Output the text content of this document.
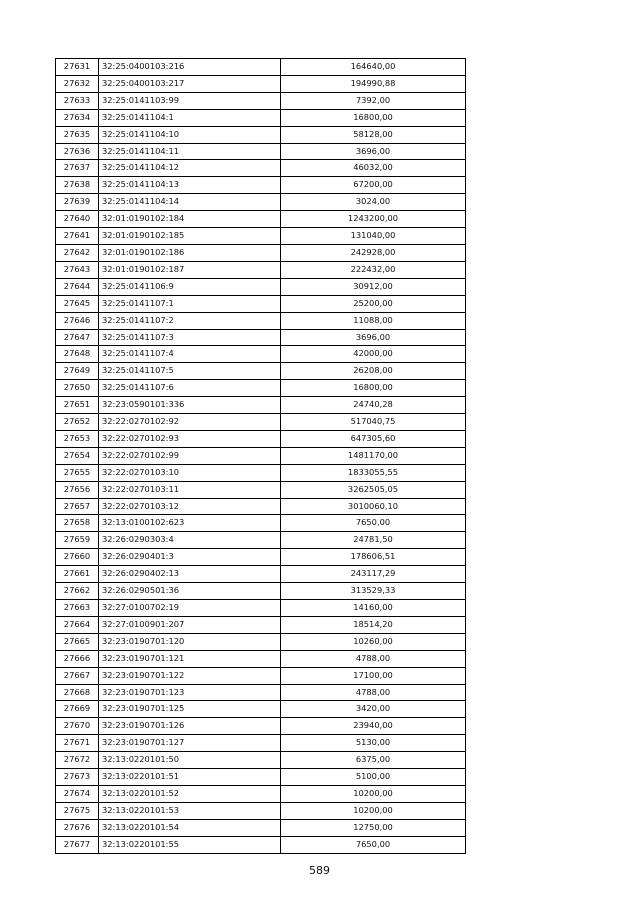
27631	32:25:0400103:216	164640,00
27632	32:25:0400103:217	194990,88
27633	32:25:0141103:99	7392,00
27634	32:25:0141104:1	16800,00
27635	32:25:0141104:10	58128,00
27636	32:25:0141104:11	3696,00
27637	32:25:0141104:12	46032,00
27638	32:25:0141104:13	67200,00
27639	32:25:0141104:14	3024,00
27640	32:01:0190102:184	1243200,00
27641	32:01:0190102:185	131040,00
27642	32:01:0190102:186	242928,00
27643	32:01:0190102:187	222432,00
27644	32:25:0141106:9	30912,00
27645	32:25:0141107:1	25200,00
27646	32:25:0141107:2	11088,00
27647	32:25:0141107:3	3696,00
27648	32:25:0141107:4	42000,00
27649	32:25:0141107:5	26208,00
27650	32:25:0141107:6	16800,00
27651	32:23:0590101:336	24740,28
27652	32:22:0270102:92	517040,75
27653	32:22:0270102:93	647305,60
27654	32:22:0270102:99	1481170,00
27655	32:22:0270103:10	1833055,55
27656	32:22:0270103:11	3262505,05
27657	32:22:0270103:12	3010060,10
27658	32:13:0100102:623	7650,00
27659	32:26:0290303:4	24781,50
27660	32:26:0290401:3	178606,51
27661	32:26:0290402:13	243117,29
27662	32:26:0290501:36	313529,33
27663	32:27:0100702:19	14160,00
27664	32:27:0100901:207	18514,20
27665	32:23:0190701:120	10260,00
27666	32:23:0190701:121	4788,00
27667	32:23:0190701:122	17100,00
27668	32:23:0190701:123	4788,00
27669	32:23:0190701:125	3420,00
27670	32:23:0190701:126	23940,00
27671	32:23:0190701:127	5130,00
27672	32:13:0220101:50	6375,00
27673	32:13:0220101:51	5100,00
27674	32:13:0220101:52	10200,00
27675	32:13:0220101:53	10200,00
27676	32:13:0220101:54	12750,00
27677	32:13:0220101:55	7650,00
589
